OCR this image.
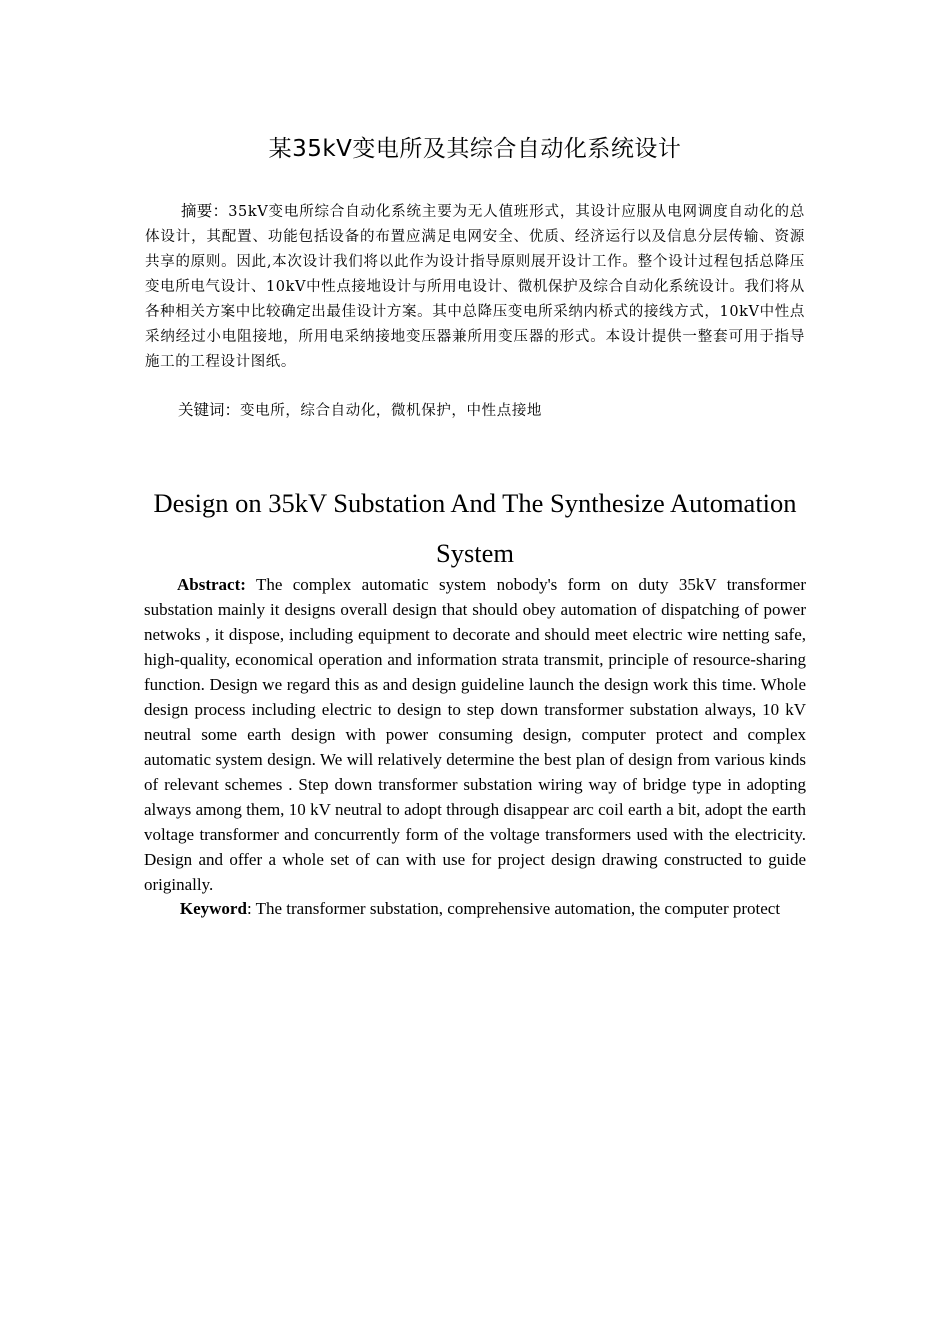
某35kV变电所及其综合自动化系统设计
摘要：35kV变电所综合自动化系统主要为无人值班形式，其设计应服从电网调度自动化的总体设计，其配置、功能包括设备的布置应满足电网安全、优质、经济运行以及信息分层传输、资源共享的原则。因此,本次设计我们将以此作为设计指导原则展开设计工作。整个设计过程包括总降压变电所电气设计、10kV中性点接地设计与所用电设计、微机保护及综合自动化系统设计。我们将从各种相关方案中比较确定出最佳设计方案。其中总降压变电所采纳内桥式的接线方式，10kV中性点采纳经过小电阻接地，所用电采纳接地变压器兼所用变压器的形式。本设计提供一整套可用于指导施工的工程设计图纸。
关键词：变电所，综合自动化，微机保护，中性点接地
Design on 35kV Substation And The Synthesize Automation System
Abstract: The complex automatic system nobody's form on duty 35kV transformer substation mainly it designs overall design that should obey automation of dispatching of power netwoks , it dispose, including equipment to decorate and should meet electric wire netting safe, high-quality, economical operation and information strata transmit, principle of resource-sharing function. Design we regard this as and design guideline launch the design work this time. Whole design process including electric to design to step down transformer substation always, 10 kV neutral some earth design with power consuming design, computer protect and complex automatic system design. We will relatively determine the best plan of design from various kinds of relevant schemes . Step down transformer substation wiring way of bridge type in adopting always among them, 10 kV neutral to adopt through disappear arc coil earth a bit, adopt the earth voltage transformer and concurrently form of the voltage transformers used with the electricity. Design and offer a whole set of can with use for project design drawing constructed to guide originally.
Keyword: The transformer substation, comprehensive automation, the computer protect
